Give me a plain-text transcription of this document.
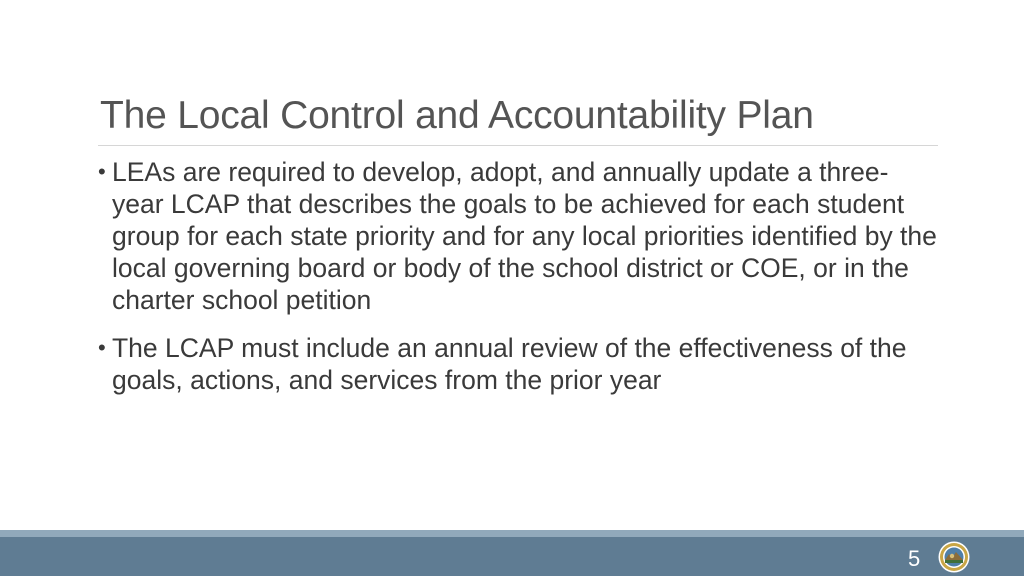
The Local Control and Accountability Plan
• LEAs are required to develop, adopt, and annually update a three-year LCAP that describes the goals to be achieved for each student group for each state priority and for any local priorities identified by the local governing board or body of the school district or COE, or in the charter school petition
• The LCAP must include an annual review of the effectiveness of the goals, actions, and services from the prior year
5
